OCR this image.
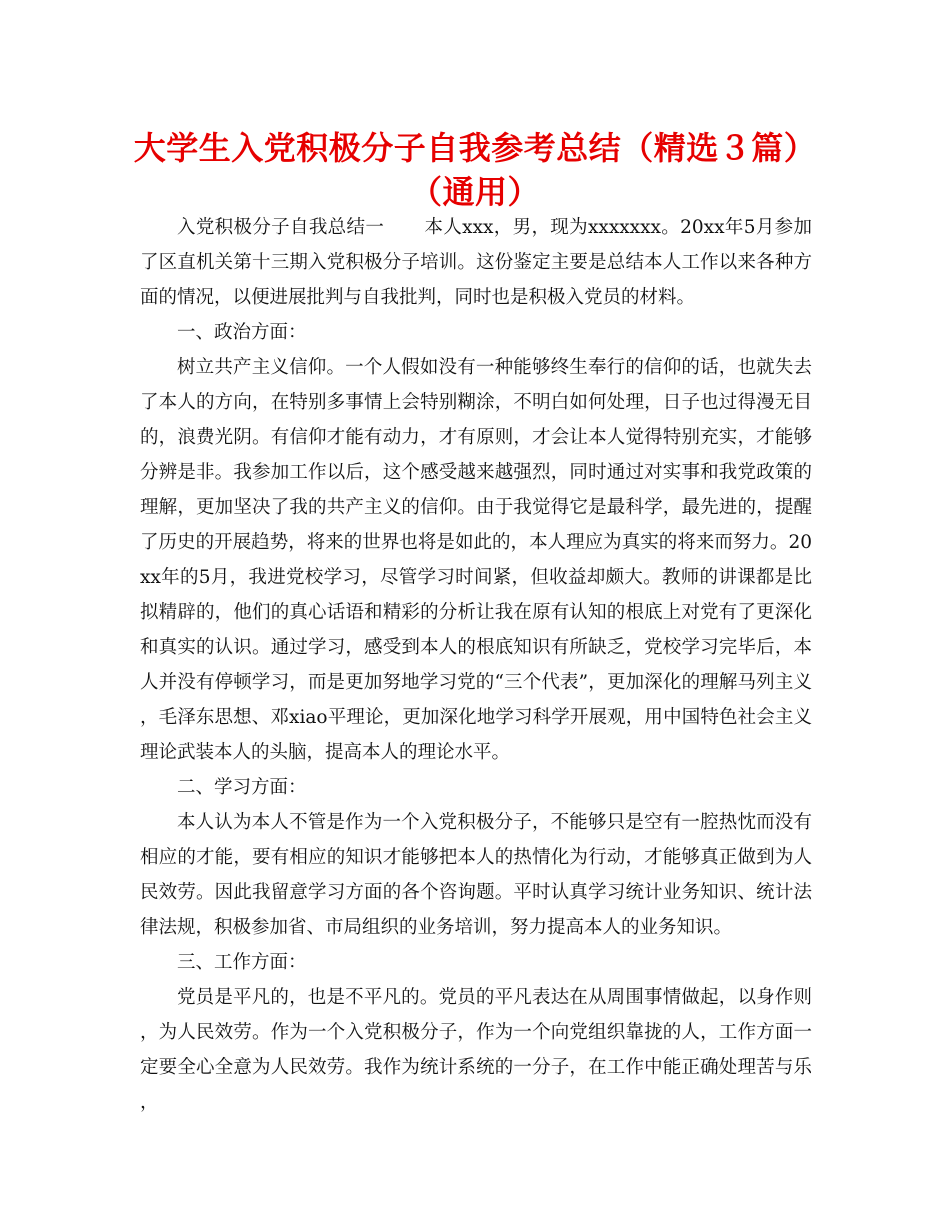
大学生入党积极分子自我参考总结（精选３篇）
（通用）

入党积极分子自我总结一 本人xxx，男，现为xxxxxxx。20xx年5月参加了区直机关第十三期入党积极分子培训。这份鉴定主要是总结本人工作以来各种方面的情况，以便进展批判与自我批判，同时也是积极入党员的材料。

一、政治方面：

树立共产主义信仰。一个人假如没有一种能够终生奉行的信仰的话，也就失去了本人的方向，在特别多事情上会特别糊涂，不明白如何处理，日子也过得漫无目的，浪费光阴。有信仰才能有动力，才有原则，才会让本人觉得特别充实，才能够分辨是非。我参加工作以后，这个感受越来越强烈，同时通过对实事和我党政策的理解，更加坚决了我的共产主义的信仰。由于我觉得它是最科学，最先进的，提醒了历史的开展趋势，将来的世界也将是如此的，本人理应为真实的将来而努力。20xx年的5月，我进党校学习，尽管学习时间紧，但收益却颇大。教师的讲课都是比拟精辟的，他们的真心话语和精彩的分析让我在原有认知的根底上对党有了更深化和真实的认识。通过学习，感受到本人的根底知识有所缺乏，党校学习完毕后，本人并没有停顿学习，而是更加努地学习党的“三个代表”，更加深化的理解马列主义，毛泽东思想、邓xiao平理论，更加深化地学习科学开展观，用中国特色社会主义理论武装本人的头脑，提高本人的理论水平。

二、学习方面：

本人认为本人不管是作为一个入党积极分子，不能够只是空有一腔热忱而没有相应的才能，要有相应的知识才能够把本人的热情化为行动，才能够真正做到为人民效劳。因此我留意学习方面的各个咨询题。平时认真学习统计业务知识、统计法律法规，积极参加省、市局组织的业务培训，努力提高本人的业务知识。

三、工作方面：

党员是平凡的，也是不平凡的。党员的平凡表达在从周围事情做起，以身作则，为人民效劳。作为一个入党积极分子，作为一个向党组织靠拢的人，工作方面一定要全心全意为人民效劳。我作为统计系统的一分子，在工作中能正确处理苦与乐，
